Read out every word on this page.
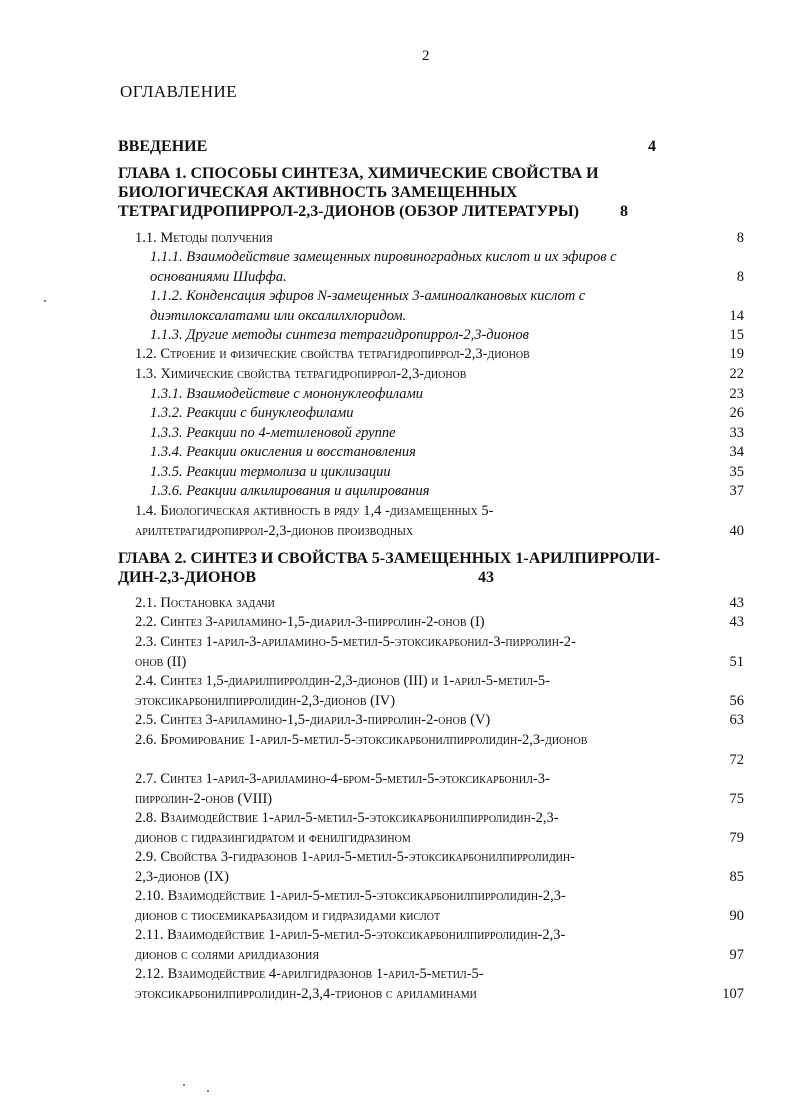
2
ОГЛАВЛЕНИЕ
ВВЕДЕНИЕ	4
ГЛАВА 1. СПОСОБЫ СИНТЕЗА, ХИМИЧЕСКИЕ СВОЙСТВА И
БИОЛОГИЧЕСКАЯ АКТИВНОСТЬ ЗАМЕЩЕННЫХ
ТЕТРАГИДРОПИРРОЛ-2,3-ДИОНОВ (ОБЗОР ЛИТЕРАТУРЫ)	8
1.1. Методы получения	8
1.1.1. Взаимодействие замещенных пировиноградных кислот и их эфиров с
основаниями Шиффа.	8
1.1.2. Конденсация эфиров N-замещенных 3-аминоалкановых кислот с
диэтилоксалатами или оксалилхлоридом.	14
1.1.3. Другие методы синтеза тетрагидропиррол-2,3-дионов	15
1.2. Строение и физические свойства тетрагидропиррол-2,3-дионов	19
1.3. Химические свойства тетрагидропиррол-2,3-дионов	22
1.3.1. Взаимодействие с мононуклеофилами	23
1.3.2. Реакции с бинуклеофилами	26
1.3.3. Реакции по 4-метиленовой группе	33
1.3.4. Реакции окисления и восстановления	34
1.3.5. Реакции термолиза и циклизации	35
1.3.6. Реакции алкилирования и ацилирования	37
1.4. Биологическая активность в ряду 1,4 -дизамещенных 5-
арилтетрагидропиррол-2,3-дионов производных	40
ГЛАВА 2. СИНТЕЗ И СВОЙСТВА 5-ЗАМЕЩЕННЫХ 1-АРИЛПИРРОЛИ-
ДИН-2,3-ДИОНОВ	43
2.1. Постановка задачи	43
2.2. Синтез 3-ариламино-1,5-диарил-3-пирролин-2-онов (I)	43
2.3. Синтез 1-арил-3-ариламино-5-метил-5-этоксикарбонил-3-пирролин-2-
онов (II)	51
2.4. Синтез 1,5-диарилпирролдин-2,3-дионов (III) и 1-арил-5-метил-5-
этоксикарбонилпирролидин-2,3-дионов (IV)	56
2.5. Синтез 3-ариламино-1,5-диарил-3-пирролин-2-онов (V)	63
2.6. Бромирование 1-арил-5-метил-5-этоксикарбонилпирролидин-2,3-дионов
72
2.7. Синтез 1-арил-3-ариламино-4-бром-5-метил-5-этоксикарбонил-3-
пирролин-2-онов (VIII)	75
2.8. Взаимодействие 1-арил-5-метил-5-этоксикарбонилпирролидин-2,3-
дионов с гидразингидратом и фенилгидразином	79
2.9. Свойства 3-гидразонов 1-арил-5-метил-5-этоксикарбонилпирролидин-
2,3-дионов (IX)	85
2.10. Взаимодействие 1-арил-5-метил-5-этоксикарбонилпирролидин-2,3-
дионов с тиосемикарбазидом и гидразидами кислот	90
2.11. Взаимодействие 1-арил-5-метил-5-этоксикарбонилпирролидин-2,3-
дионов с солями арилдиазония	97
2.12. Взаимодействие 4-арилгидразонов 1-арил-5-метил-5-
этоксикарбонилпирролидин-2,3,4-трионов с ариламинами	107
